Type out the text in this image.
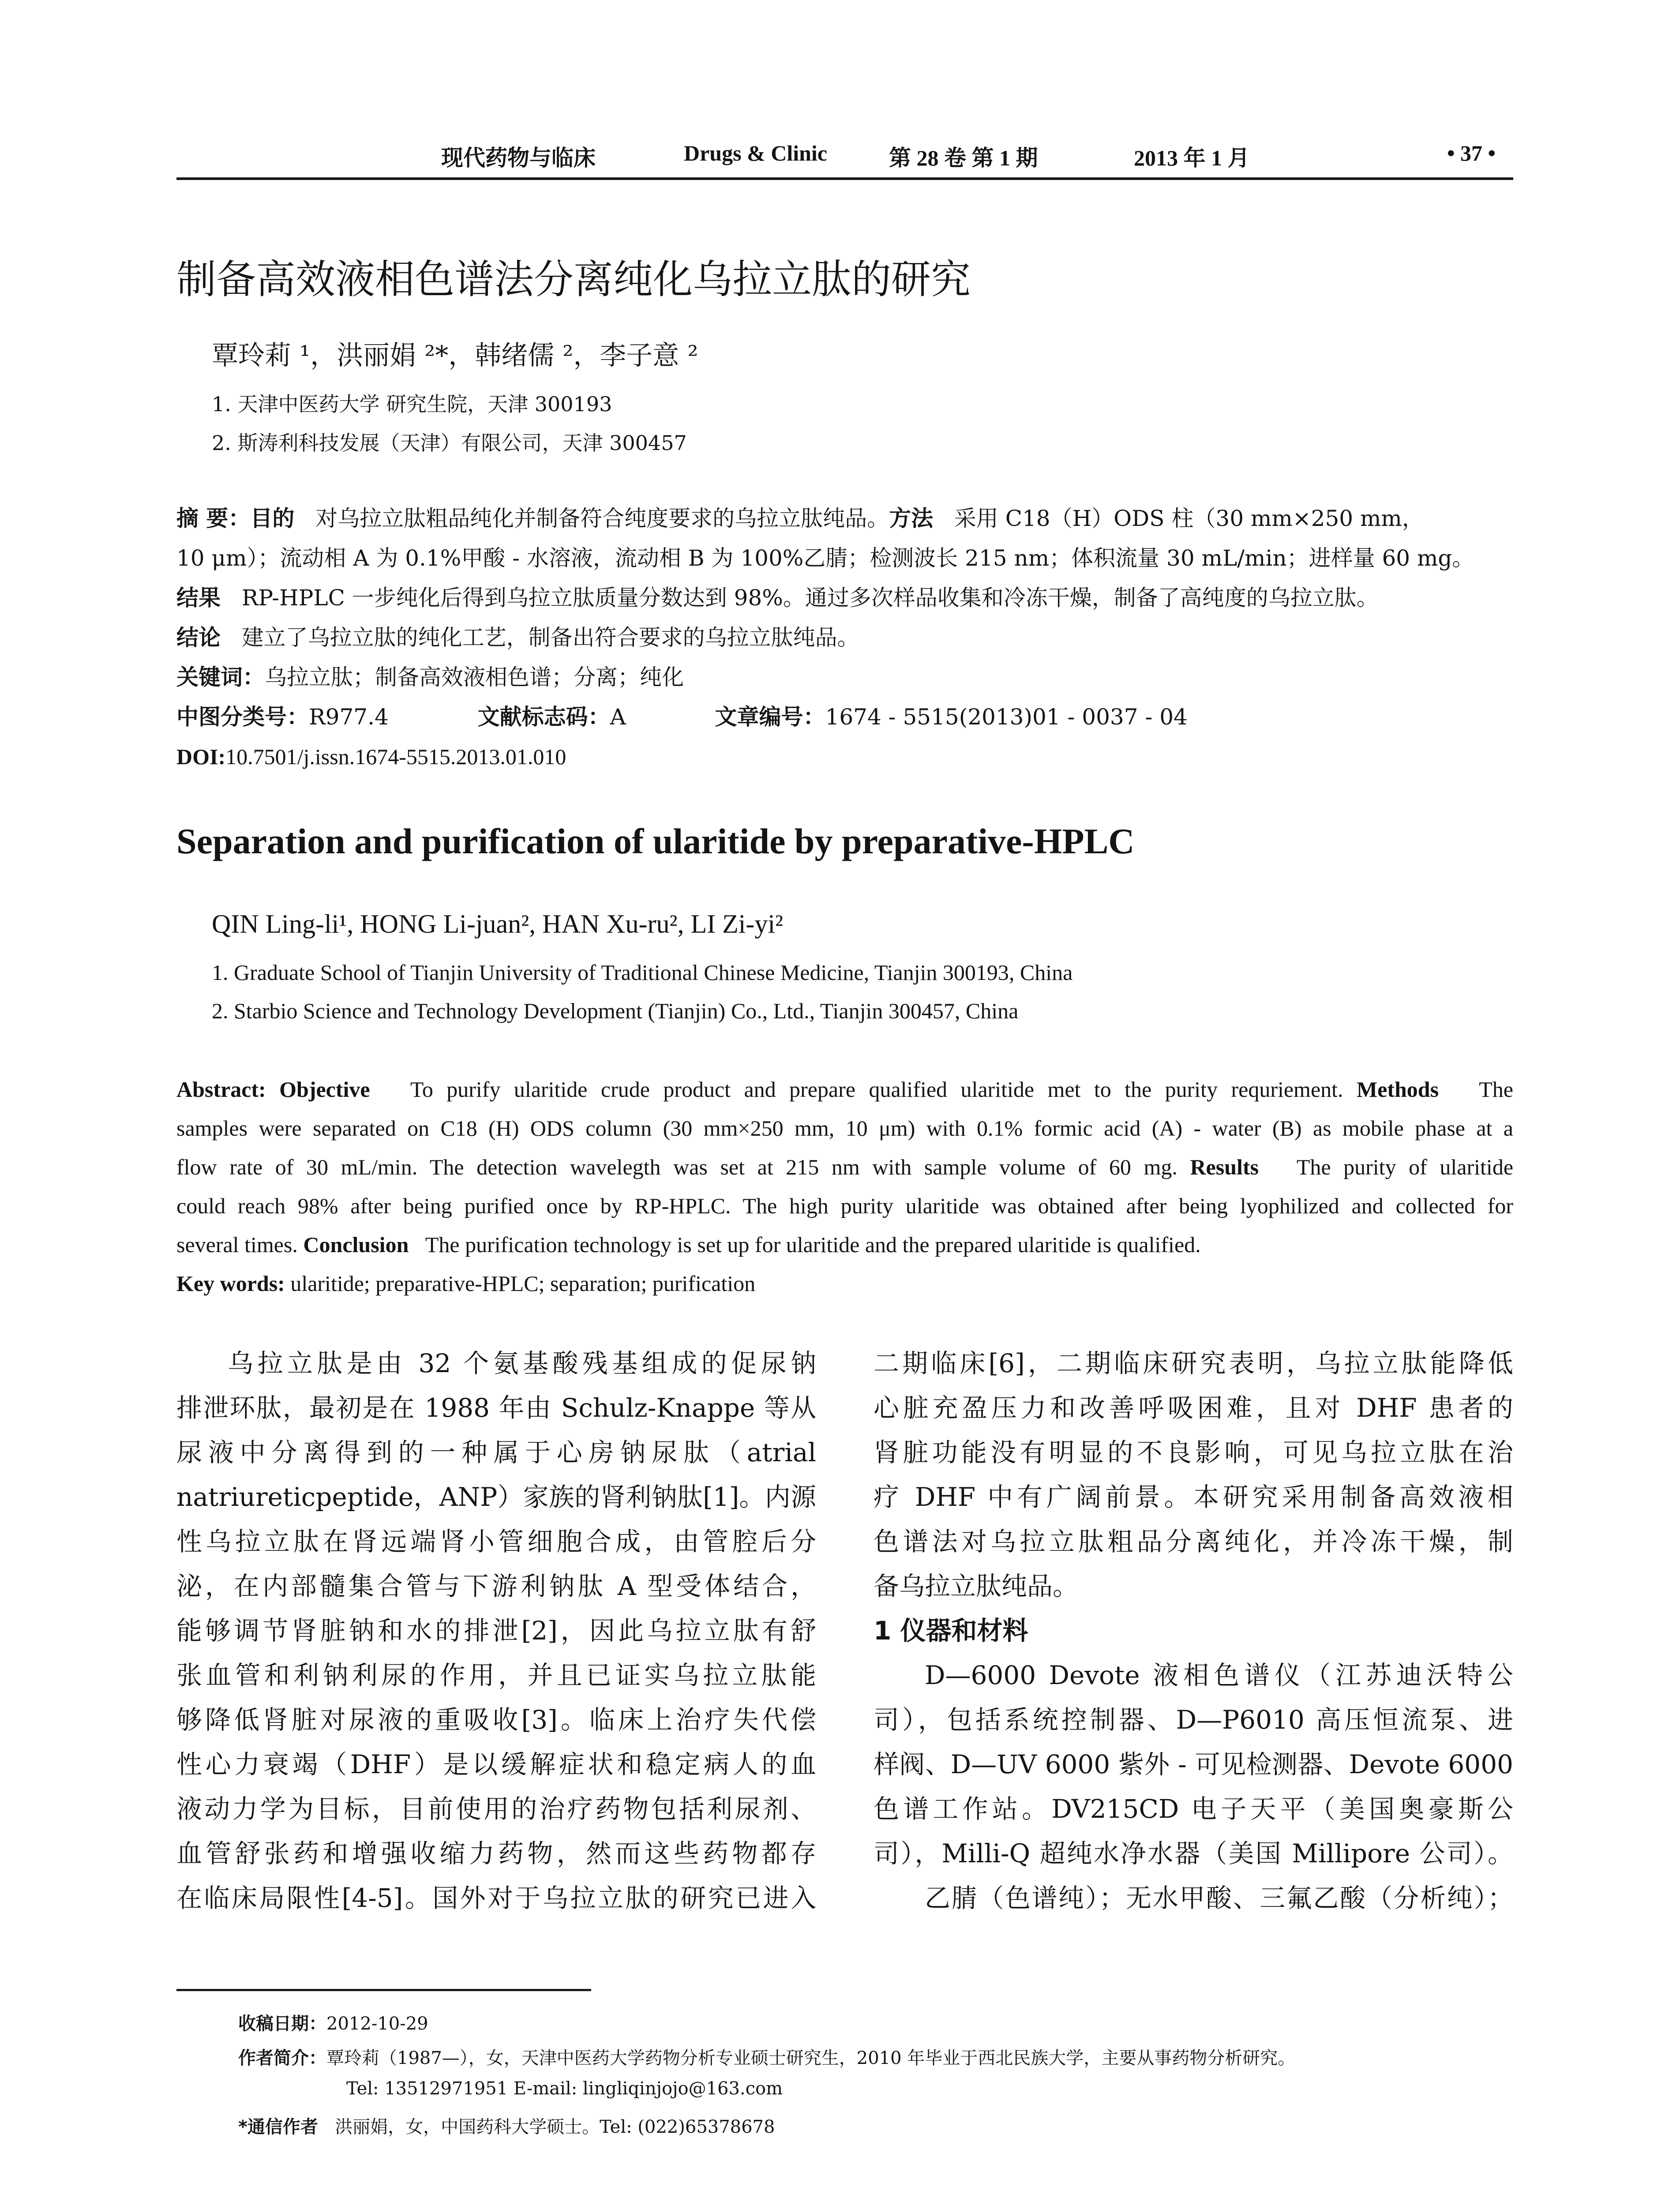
现代药物与临床	Drugs & Clinic	第 28 卷 第 1 期	2013 年 1 月	• 37 •
制备高效液相色谱法分离纯化乌拉立肽的研究
覃玲莉 ¹，洪丽娟 ²*，韩绪儒 ²，李子意 ²
1. 天津中医药大学 研究生院，天津 300193
2. 斯涛利科技发展（天津）有限公司，天津 300457
摘 要：目的 对乌拉立肽粗品纯化并制备符合纯度要求的乌拉立肽纯品。方法 采用 C18（H）ODS 柱（30 mm×250 mm，
10 μm）；流动相 A 为 0.1%甲酸 - 水溶液，流动相 B 为 100%乙腈；检测波长 215 nm；体积流量 30 mL/min；进样量 60 mg。
结果 RP-HPLC 一步纯化后得到乌拉立肽质量分数达到 98%。通过多次样品收集和冷冻干燥，制备了高纯度的乌拉立肽。
结论 建立了乌拉立肽的纯化工艺，制备出符合要求的乌拉立肽纯品。
关键词：乌拉立肽；制备高效液相色谱；分离；纯化
中图分类号：R977.4	文献标志码：A	文章编号：1674 - 5515(2013)01 - 0037 - 04
DOI:10.7501/j.issn.1674-5515.2013.01.010
Separation and purification of ularitide by preparative-HPLC
QIN Ling-li¹, HONG Li-juan², HAN Xu-ru², LI Zi-yi²
1. Graduate School of Tianjin University of Traditional Chinese Medicine, Tianjin 300193, China
2. Starbio Science and Technology Development (Tianjin) Co., Ltd., Tianjin 300457, China
Abstract: Objective To purify ularitide crude product and prepare qualified ularitide met to the purity requriement. Methods The
samples were separated on C18 (H) ODS column (30 mm×250 mm, 10 μm) with 0.1% formic acid (A) - water (B) as mobile phase at a
flow rate of 30 mL/min. The detection wavelegth was set at 215 nm with sample volume of 60 mg. Results The purity of ularitide
could reach 98% after being purified once by RP-HPLC. The high purity ularitide was obtained after being lyophilized and collected for
several times. Conclusion The purification technology is set up for ularitide and the prepared ularitide is qualified.
Key words: ularitide; preparative-HPLC; separation; purification
乌拉立肽是由 32 个氨基酸残基组成的促尿钠
排泄环肽，最初是在 1988 年由 Schulz-Knappe 等从
尿液中分离得到的一种属于心房钠尿肽（atrial
natriureticpeptide，ANP）家族的肾利钠肽[1]。内源
性乌拉立肽在肾远端肾小管细胞合成，由管腔后分
泌，在内部髓集合管与下游利钠肽 A 型受体结合，
能够调节肾脏钠和水的排泄[2]，因此乌拉立肽有舒
张血管和利钠利尿的作用，并且已证实乌拉立肽能
够降低肾脏对尿液的重吸收[3]。临床上治疗失代偿
性心力衰竭（DHF）是以缓解症状和稳定病人的血
液动力学为目标，目前使用的治疗药物包括利尿剂、
血管舒张药和增强收缩力药物，然而这些药物都存
在临床局限性[4-5]。国外对于乌拉立肽的研究已进入
二期临床[6]，二期临床研究表明，乌拉立肽能降低
心脏充盈压力和改善呼吸困难，且对 DHF 患者的
肾脏功能没有明显的不良影响，可见乌拉立肽在治
疗 DHF 中有广阔前景。本研究采用制备高效液相
色谱法对乌拉立肽粗品分离纯化，并冷冻干燥，制
备乌拉立肽纯品。
1 仪器和材料
D—6000 Devote 液相色谱仪（江苏迪沃特公
司），包括系统控制器、D—P6010 高压恒流泵、进
样阀、D—UV 6000 紫外 - 可见检测器、Devote 6000
色谱工作站。DV215CD 电子天平（美国奥豪斯公
司），Milli-Q 超纯水净水器（美国 Millipore 公司）。
乙腈（色谱纯）；无水甲酸、三氟乙酸（分析纯）；
收稿日期：2012-10-29
作者简介：覃玲莉（1987—），女，天津中医药大学药物分析专业硕士研究生，2010 年毕业于西北民族大学，主要从事药物分析研究。
Tel: 13512971951 E-mail: lingliqinjojo@163.com
*通信作者 洪丽娟，女，中国药科大学硕士。Tel: (022)65378678
